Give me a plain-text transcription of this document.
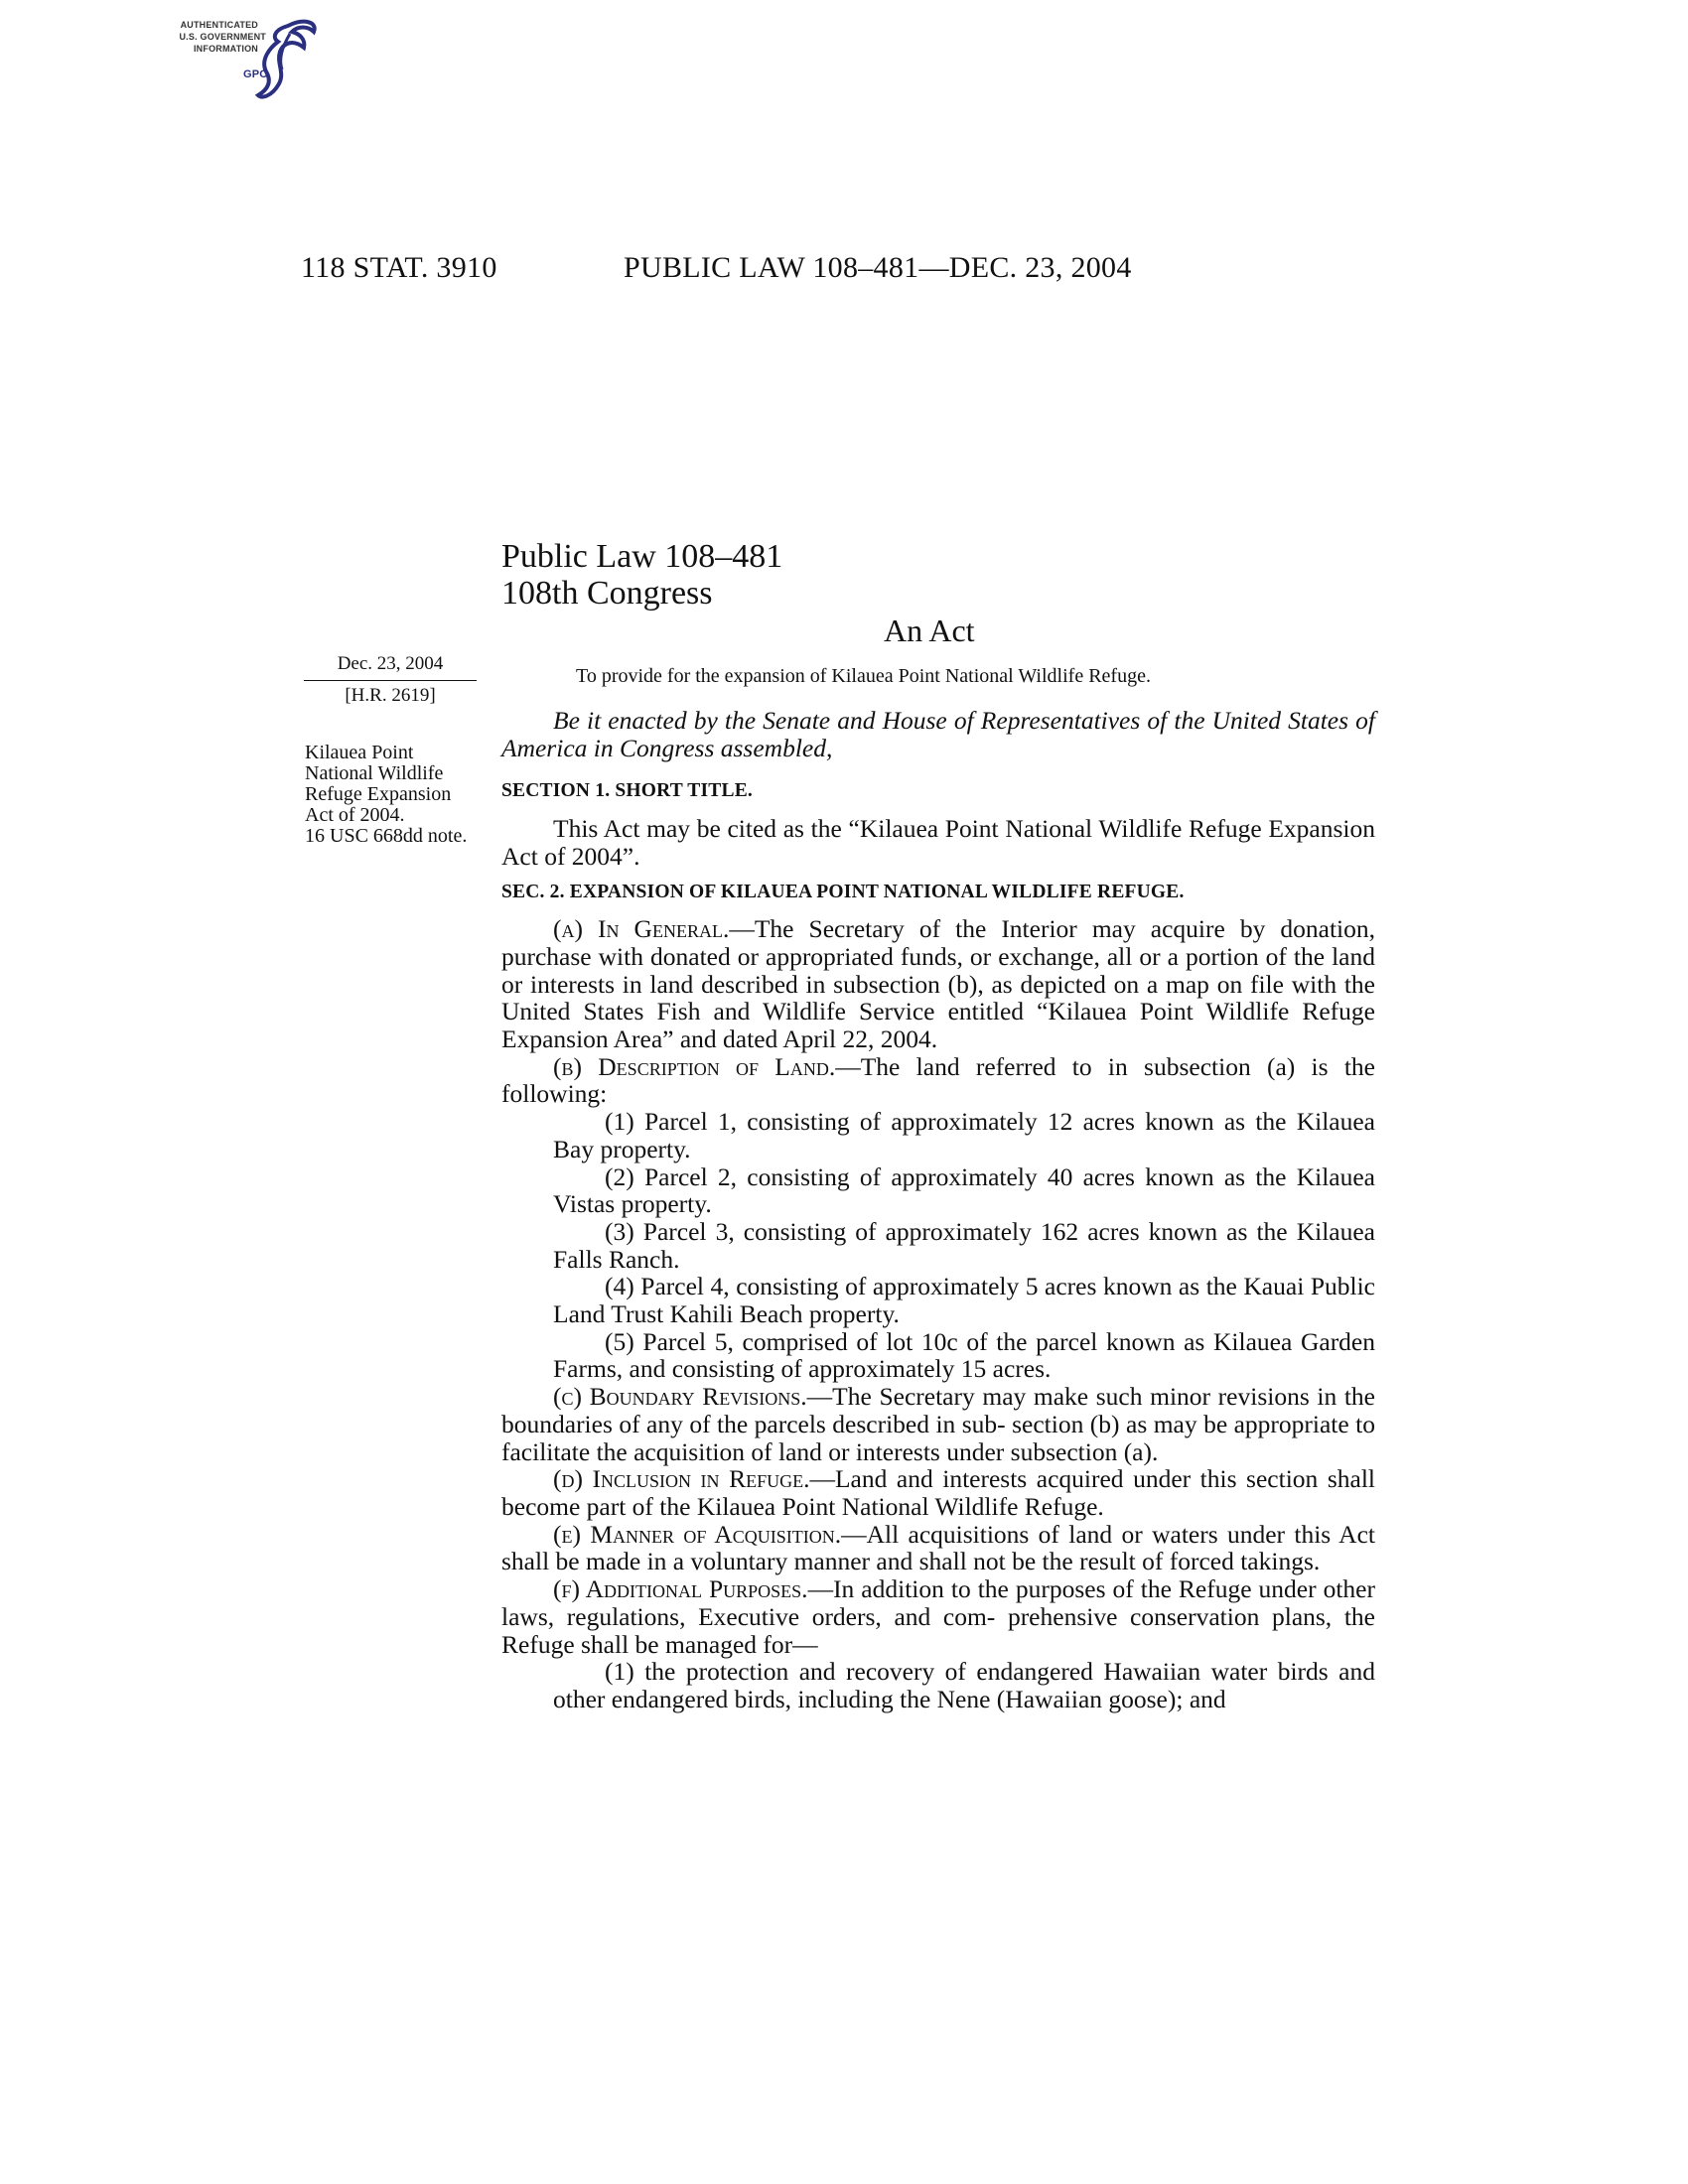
AUTHENTICATED
U.S. GOVERNMENT
INFORMATION
GPO
118 STAT. 3910	PUBLIC LAW 108–481—DEC. 23, 2004
Public Law 108–481
108th Congress
An Act
Dec. 23, 2004
[H.R. 2619]
To provide for the expansion of Kilauea Point National Wildlife Refuge.
Kilauea Point National Wildlife Refuge Expansion Act of 2004.
16 USC 668dd note.

Be it enacted by the Senate and House of Representatives of the United States of America in Congress assembled,

SECTION 1. SHORT TITLE.

This Act may be cited as the “Kilauea Point National Wildlife Refuge Expansion Act of 2004”.

SEC. 2. EXPANSION OF KILAUEA POINT NATIONAL WILDLIFE REFUGE.

(a) In General.—The Secretary of the Interior may acquire by donation, purchase with donated or appropriated funds, or exchange, all or a portion of the land or interests in land described in subsection (b), as depicted on a map on file with the United States Fish and Wildlife Service entitled “Kilauea Point Wildlife Refuge Expansion Area” and dated April 22, 2004.

(b) Description of Land.—The land referred to in subsection (a) is the following:

(1) Parcel 1, consisting of approximately 12 acres known as the Kilauea Bay property.

(2) Parcel 2, consisting of approximately 40 acres known as the Kilauea Vistas property.

(3) Parcel 3, consisting of approximately 162 acres known as the Kilauea Falls Ranch.

(4) Parcel 4, consisting of approximately 5 acres known as the Kauai Public Land Trust Kahili Beach property.

(5) Parcel 5, comprised of lot 10c of the parcel known as Kilauea Garden Farms, and consisting of approximately 15 acres.

(c) Boundary Revisions.—The Secretary may make such minor revisions in the boundaries of any of the parcels described in sub- section (b) as may be appropriate to facilitate the acquisition of land or interests under subsection (a).

(d) Inclusion in Refuge.—Land and interests acquired under this section shall become part of the Kilauea Point National Wildlife Refuge.

(e) Manner of Acquisition.—All acquisitions of land or waters under this Act shall be made in a voluntary manner and shall not be the result of forced takings.

(f) Additional Purposes.—In addition to the purposes of the Refuge under other laws, regulations, Executive orders, and com- prehensive conservation plans, the Refuge shall be managed for—

(1) the protection and recovery of endangered Hawaiian water birds and other endangered birds, including the Nene (Hawaiian goose); and
